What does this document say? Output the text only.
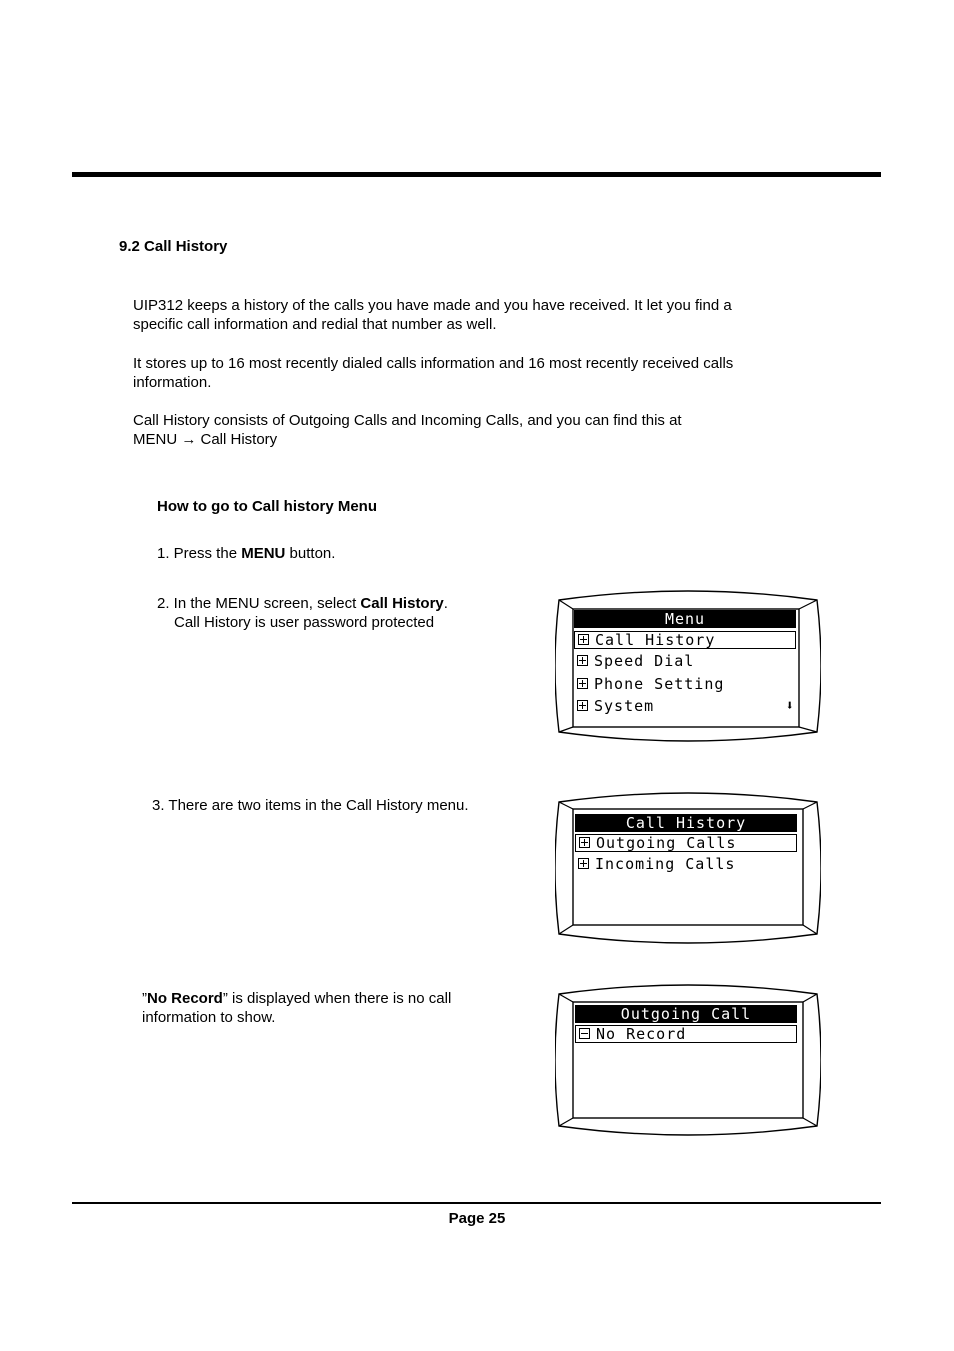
9.2 Call History

UIP312 keeps a history of the calls you have made and you have received. It let you find a

specific call information and redial that number as well.

It stores up to 16 most recently dialed calls information and 16 most recently received calls

information.

Call History consists of Outgoing Calls and Incoming Calls, and you can find this at

MENU → Call History

How to go to Call history Menu
1. Press the MENU button.

2. In the MENU screen, select Call History.

Call History is user password protected

3. There are two items in the Call History menu.

”No Record” is displayed when there is no call

information to show.

Menu
Call History
Speed Dial
Phone Setting
System	⬇
Call History
Outgoing Calls
Incoming Calls
Outgoing Call
No Record
Page 25
